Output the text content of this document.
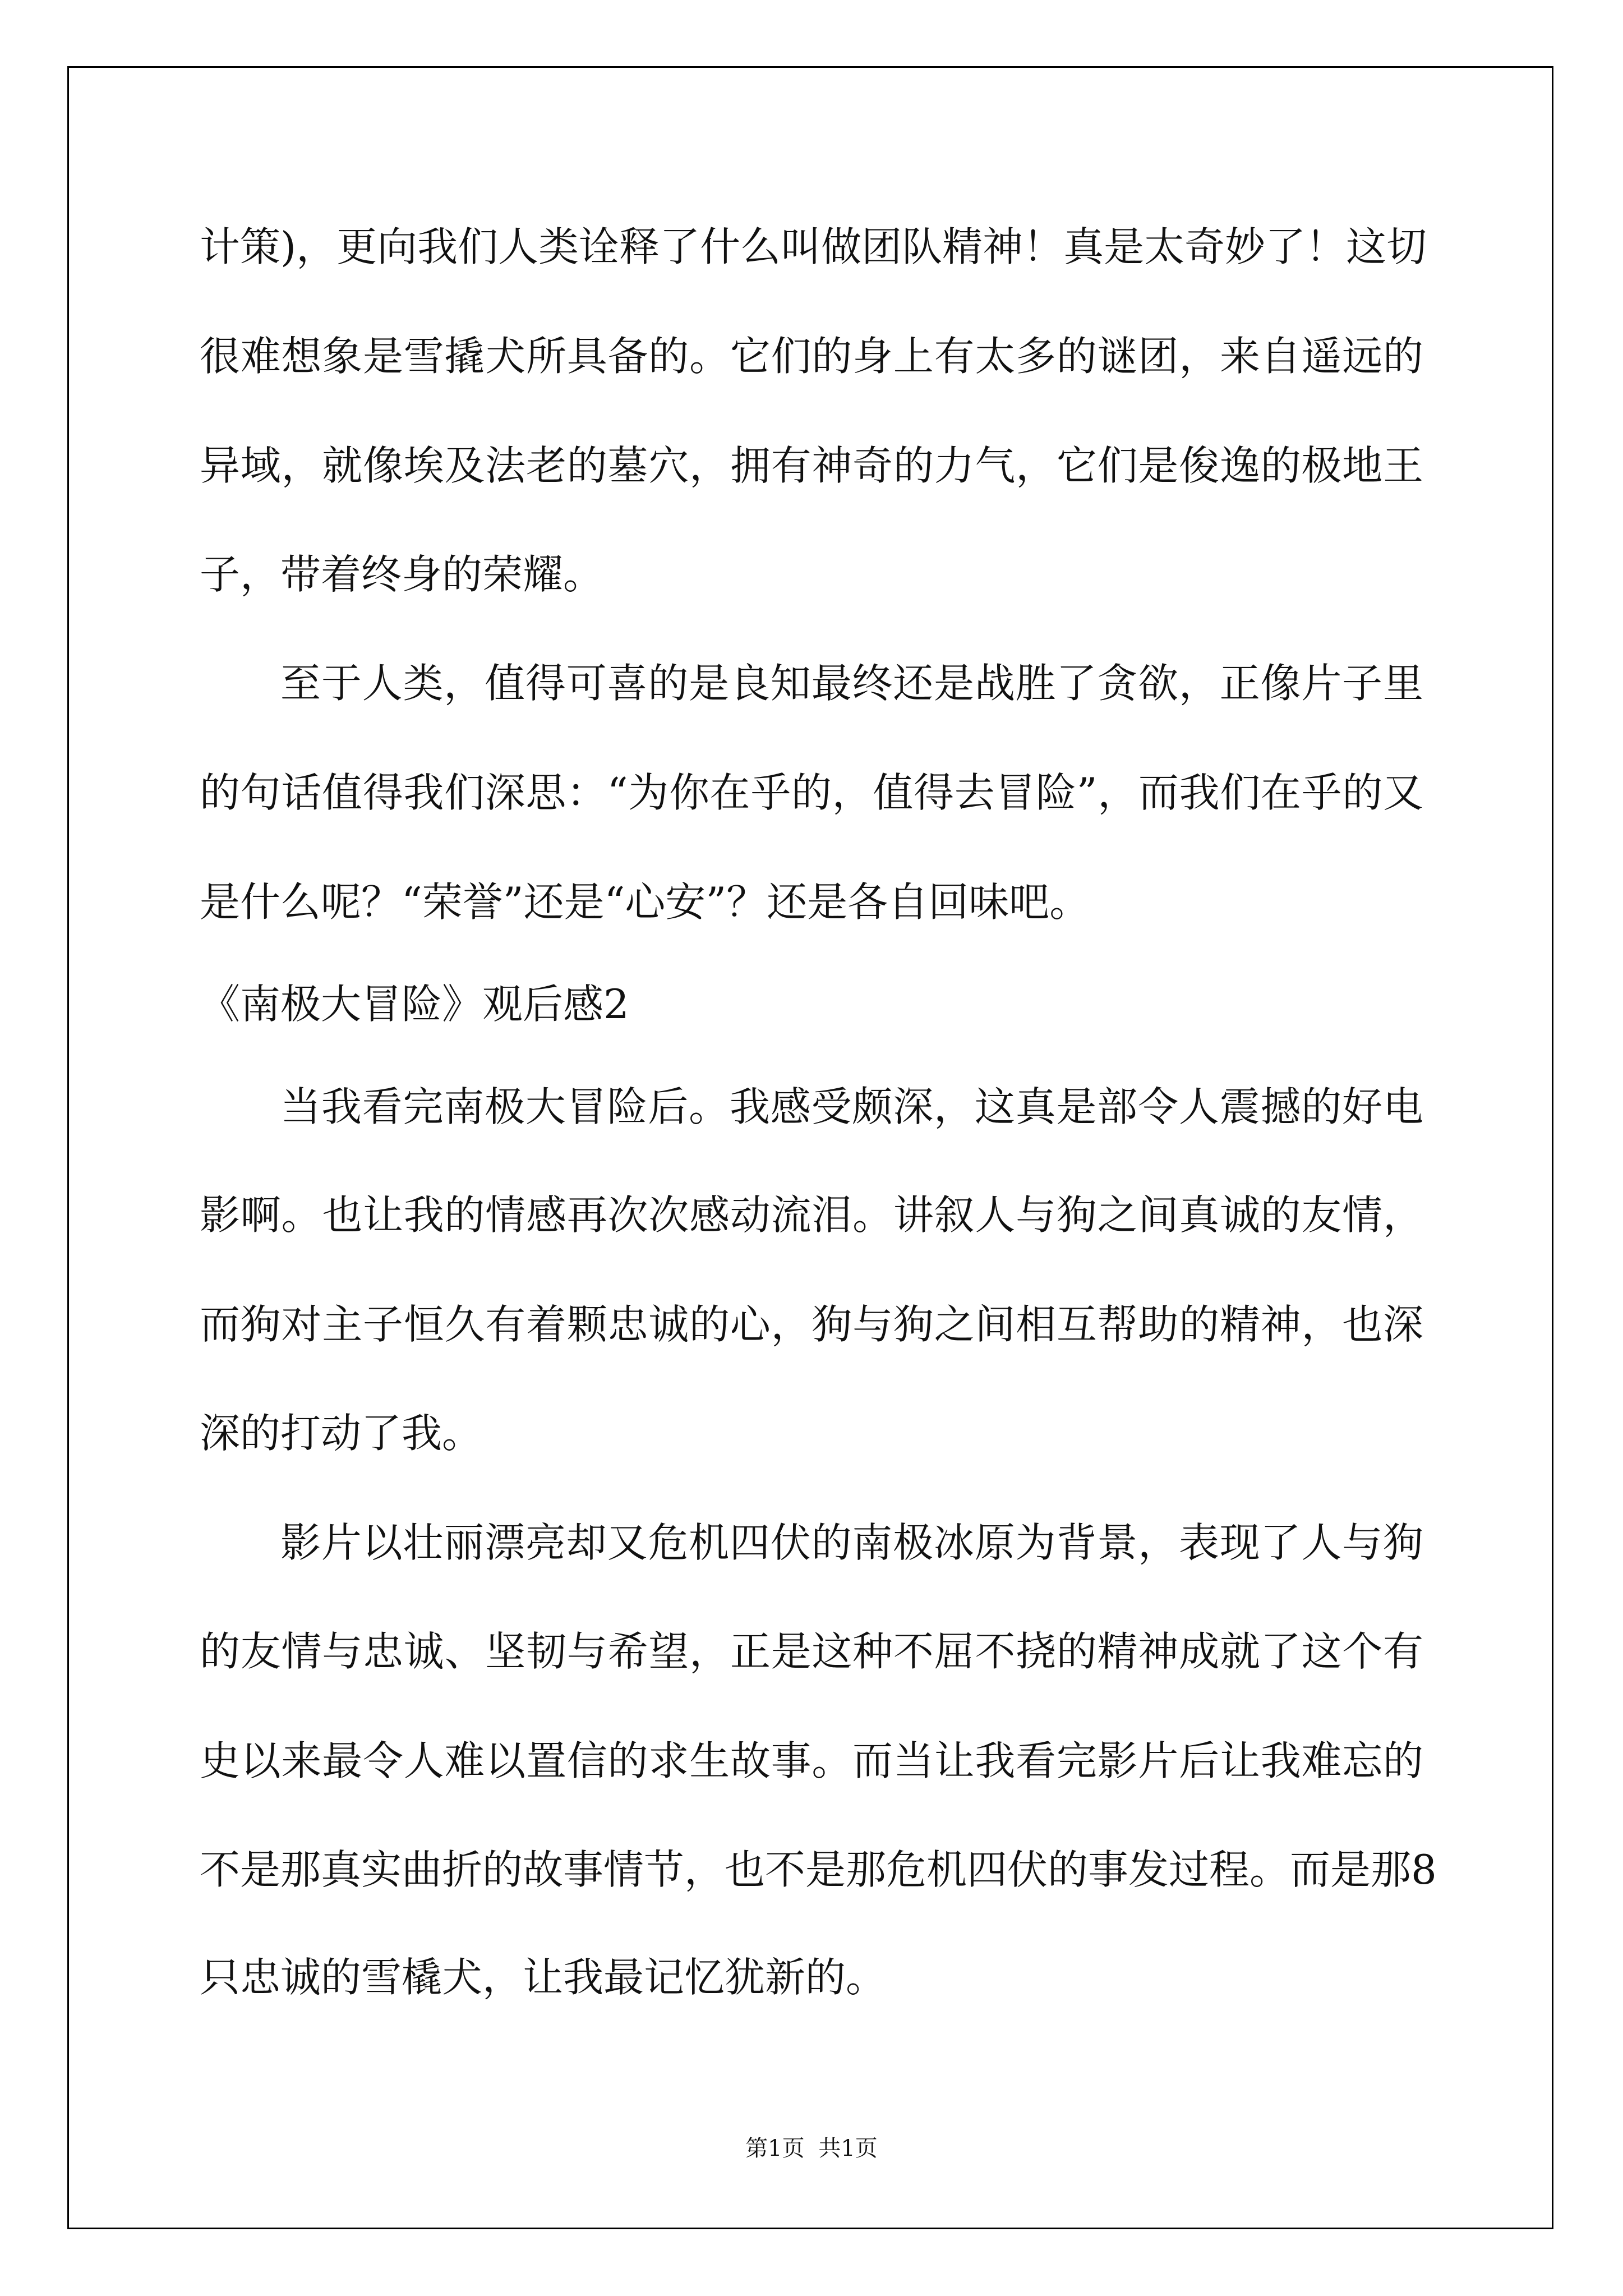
计策)，更向我们人类诠释了什么叫做团队精神！真是太奇妙了！这切

很难想象是雪撬犬所具备的。它们的身上有太多的谜团，来自遥远的

异域，就像埃及法老的墓穴，拥有神奇的力气，它们是俊逸的极地王

子，带着终身的荣耀。

至于人类，值得可喜的是良知最终还是战胜了贪欲，正像片子里

的句话值得我们深思：“为你在乎的，值得去冒险”，而我们在乎的又

是什么呢？“荣誉”还是“心安”？还是各自回味吧。

《南极大冒险》观后感2

当我看完南极大冒险后。我感受颇深，这真是部令人震撼的好电

影啊。也让我的情感再次次感动流泪。讲叙人与狗之间真诚的友情，

而狗对主子恒久有着颗忠诚的心，狗与狗之间相互帮助的精神，也深

深的打动了我。

影片以壮丽漂亮却又危机四伏的南极冰原为背景，表现了人与狗

的友情与忠诚、坚韧与希望，正是这种不屈不挠的精神成就了这个有

史以来最令人难以置信的求生故事。而当让我看完影片后让我难忘的

不是那真实曲折的故事情节，也不是那危机四伏的事发过程。而是那8

只忠诚的雪橇犬，让我最记忆犹新的。

第1页 共1页
